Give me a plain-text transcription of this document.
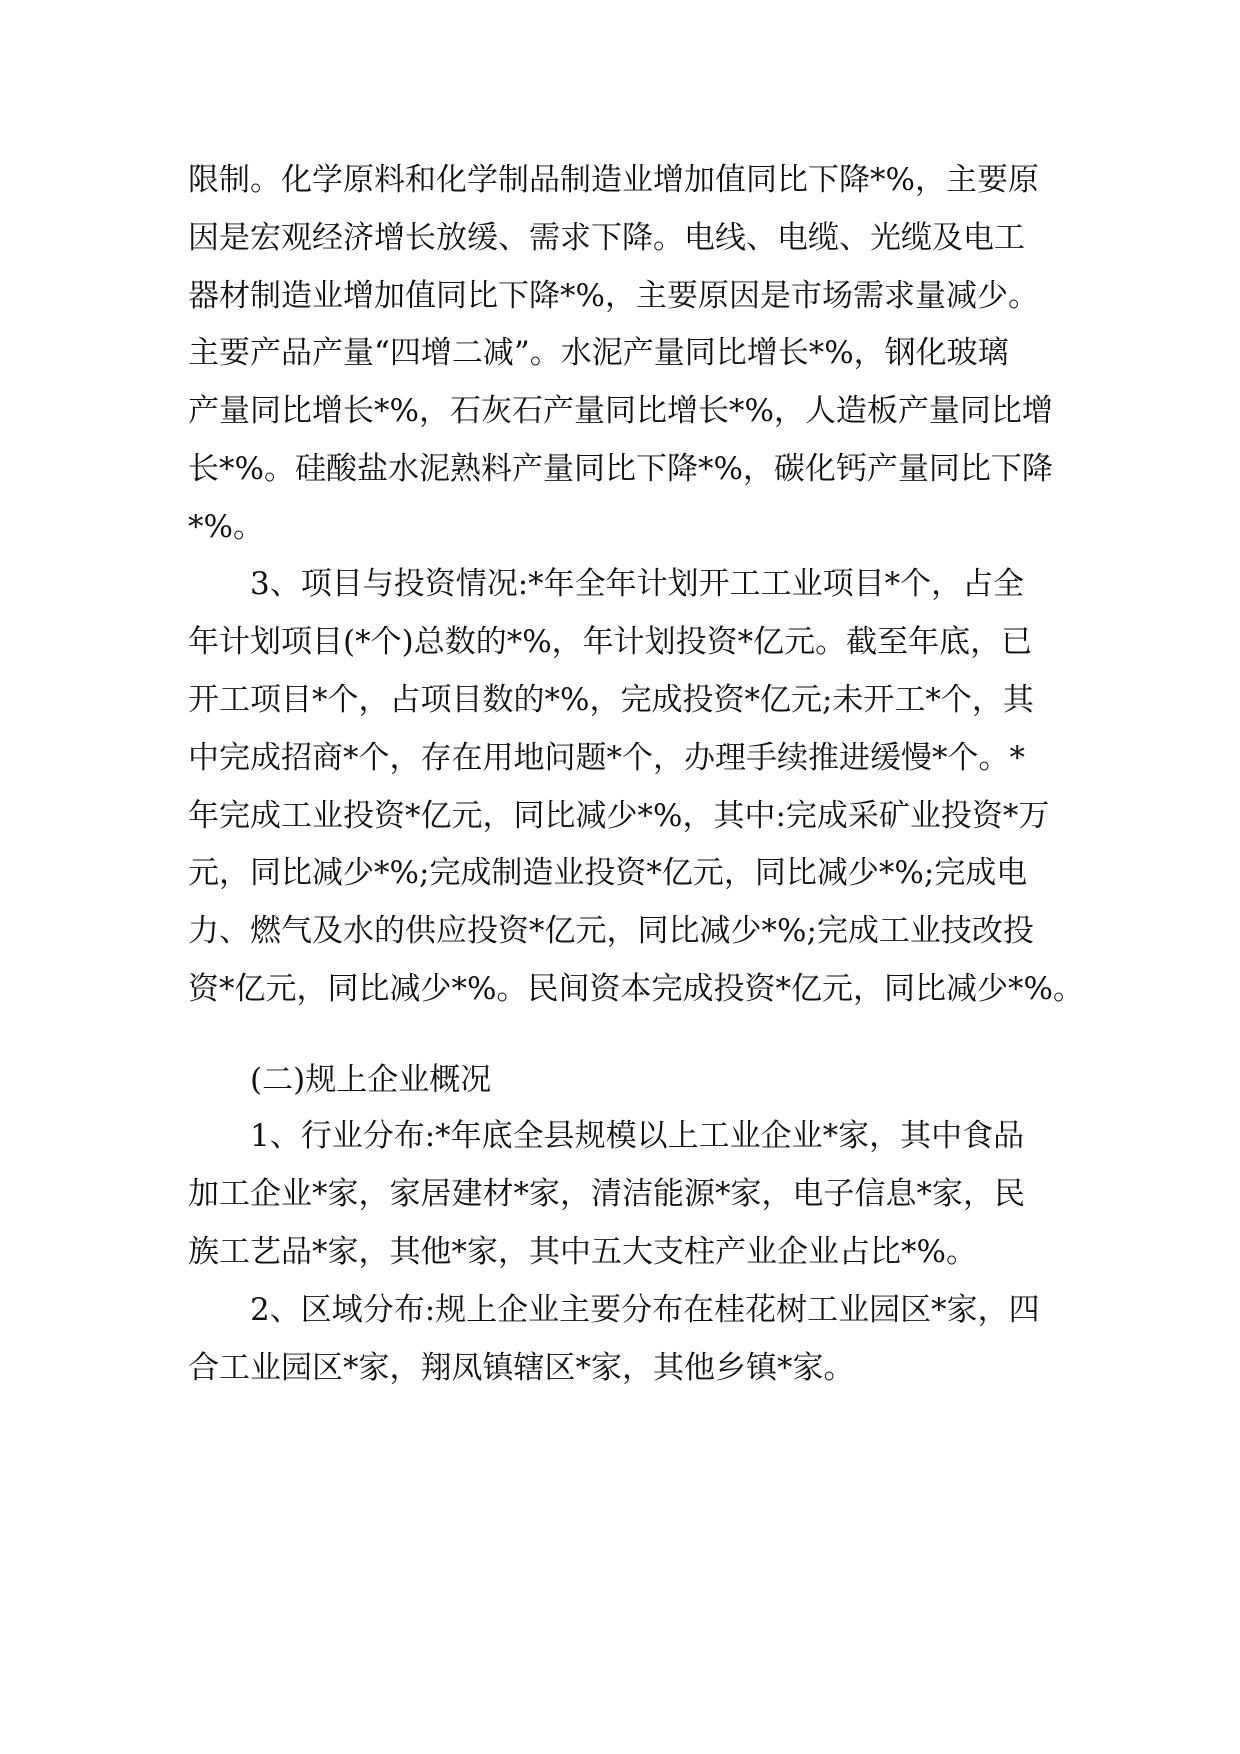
限制。化学原料和化学制品制造业增加值同比下降*%，主要原
因是宏观经济增长放缓、需求下降。电线、电缆、光缆及电工
器材制造业增加值同比下降*%，主要原因是市场需求量减少。
主要产品产量“四增二减”。水泥产量同比增长*%，钢化玻璃
产量同比增长*%，石灰石产量同比增长*%，人造板产量同比增
长*%。硅酸盐水泥熟料产量同比下降*%，碳化钙产量同比下降
*%。
3、项目与投资情况:*年全年计划开工工业项目*个，占全
年计划项目(*个)总数的*%，年计划投资*亿元。截至年底，已
开工项目*个，占项目数的*%，完成投资*亿元;未开工*个，其
中完成招商*个，存在用地问题*个，办理手续推进缓慢*个。*
年完成工业投资*亿元，同比减少*%，其中:完成采矿业投资*万
元，同比减少*%;完成制造业投资*亿元，同比减少*%;完成电
力、燃气及水的供应投资*亿元，同比减少*%;完成工业技改投
资*亿元，同比减少*%。民间资本完成投资*亿元，同比减少*%。
(二)规上企业概况
1、行业分布:*年底全县规模以上工业企业*家，其中食品
加工企业*家，家居建材*家，清洁能源*家，电子信息*家，民
族工艺品*家，其他*家，其中五大支柱产业企业占比*%。
2、区域分布:规上企业主要分布在桂花树工业园区*家，四
合工业园区*家，翔凤镇辖区*家，其他乡镇*家。
